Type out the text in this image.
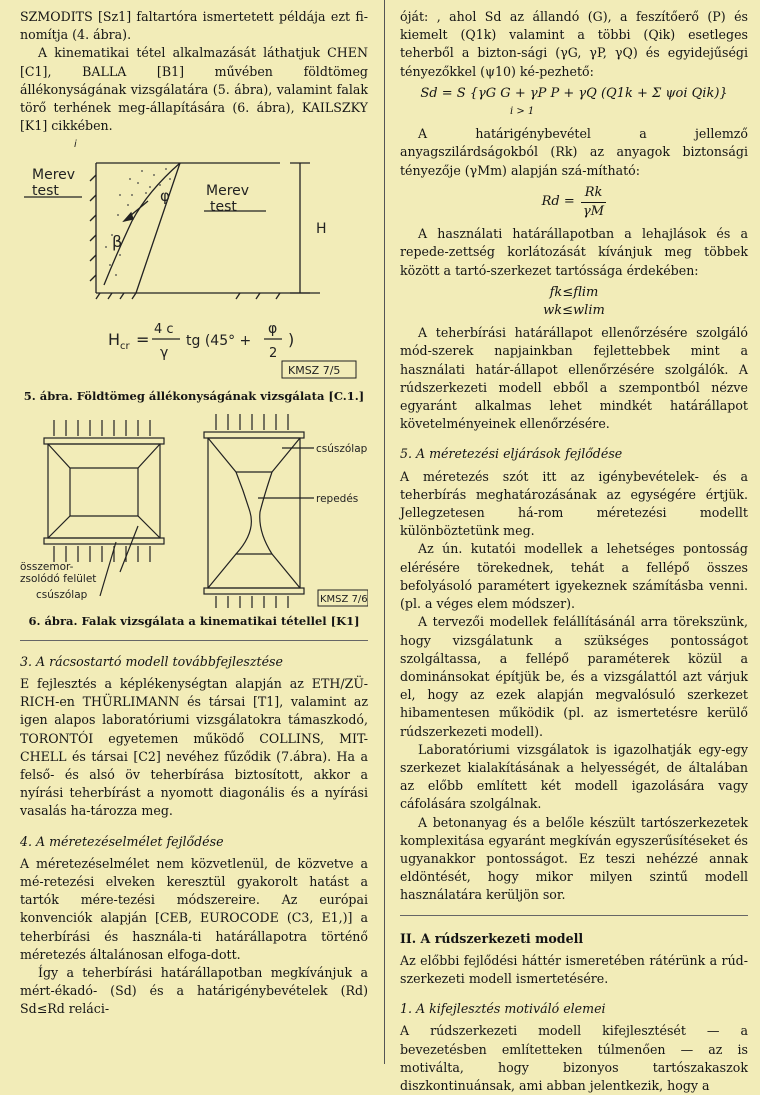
SZMODITS [Sz1] faltartóra ismertetett példája ezt fi-nomítja (4. ábra).

A kinematikai tétel alkalmazását láthatjuk CHEN [C1], BALLA [B1] művében földtömeg állékonyságának vizsgálatára (5. ábra), valamint falak törő terhének meg-állapítására (6. ábra), KAILSZKY [K1] cikkében.

i
Merev
test	Merev
test
H
φ
β
H cr =
4 c
γ
tg (45° +
φ
2
)
KMSZ 7/5

5. ábra. Földtömeg állékonyságának vizsgálata [C.1.]

csúszólap
repedés
összemor-
zsolódó felület
csúszólap	KMSZ 7/6

6. ábra. Falak vizsgálata a kinematikai tétellel [K1]

3. A rácsostartó modell továbbfejlesztése

E fejlesztés a képlékenységtan alapján az ETH/ZÜ-RICH-en THÜRLIMANN és társai [T1], valamint az igen alapos laboratóriumi vizsgálatokra támaszkodó, TORONTÓI egyetemen működő COLLINS, MIT-CHELL és társai [C2] nevéhez fűződik (7.ábra). Ha a felső- és alsó öv teherbírása biztosított, akkor a nyírási teherbírást a nyomott diagonális és a nyírási vasalás ha-tározza meg.

4. A méretezéselmélet fejlődése

A méretezéselmélet nem közvetlenül, de közvetve a mé-retezési elveken keresztül gyakorolt hatást a tartók mére-tezési módszereire. Az európai konvenciók alapján [CEB, EUROCODE (C3, E1,)] a teherbírási és használa-ti határállapotra történő méretezés általánosan elfoga-dott.

Így a teherbírási határállapotban megkívánjuk a mért-ékadó- (Sd) és a határigénybevételek (Rd) Sd≤Rd reláci-

óját: , ahol Sd az állandó (G), a feszítőerő (P) és kiemelt (Q1k) valamint a többi (Qik) esetleges teherből a bizton-sági (γG, γP, γQ) és egyidejűségi tényezőkkel (ψ10) ké-pezhető:

Sd = S {γG G + γP P + γQ (Q1k + Σ ψoi Qik)}
i > 1

A határigénybevétel a jellemző anyagszilárdságokból (Rk) az anyagok biztonsági tényezője (γMm) alapján szá-mítható:

$Rd = \frac{Rk}{\gamma M}$

A használati határállapotban a lehajlások és a repede-zettség korlátozását kívánjuk meg többek között a tartó-szerkezet tartóssága érdekében:

fk≤flim
wk≤wlim

A teherbírási határállapot ellenőrzésére szolgáló mód-szerek napjainkban fejlettebbek mint a használati határ-állapot ellenőrzésére szolgálók. A rúdszerkezeti modell ebből a szempontból nézve egyaránt alkalmas lehet mindkét határállapot követelményeinek ellenőrzésére.

5. A méretezési eljárások fejlődése

A méretezés szót itt az igénybevételek- és a teherbírás meghatározásának az egységére értjük. Jellegzetesen há-rom méretezési modellt különböztetünk meg.

Az ún. kutatói modellek a lehetséges pontosság elérésére törekednek, tehát a fellépő összes befolyásoló paramétert igyekeznek számításba venni. (pl. a véges elem módszer).

A tervezői modellek felállításánál arra törekszünk, hogy vizsgálatunk a szükséges pontosságot szolgáltassa, a fellépő paraméterek közül a dominánsokat építjük be, és a vizsgálattól azt várjuk el, hogy az ezek alapján megvalósuló szerkezet hibamentesen működik (pl. az ismertetésre kerülő rúdszerkezeti modell).

Laboratóriumi vizsgálatok is igazolhatják egy-egy szerkezet kialakításának a helyességét, de általában az előbb említett két modell igazolására vagy cáfolására szolgálnak.

A betonanyag és a belőle készült tartószerkezetek komplexitása egyaránt megkíván egyszerűsítéseket és ugyanakkor pontosságot. Ez teszi nehézzé annak eldöntését, hogy mikor milyen szintű modell használatára kerüljön sor.

II. A rúdszerkezeti modell

Az előbbi fejlődési háttér ismeretében rátérünk a rúd-szerkezeti modell ismertetésére.

1. A kifejlesztés motiváló elemei

A rúdszerkezeti modell kifejlesztését — a bevezetésben említetteken túlmenően — az is motiválta, hogy bizonyos tartószakaszok diszkontinuánsak, ami abban jelentkezik, hogy a
